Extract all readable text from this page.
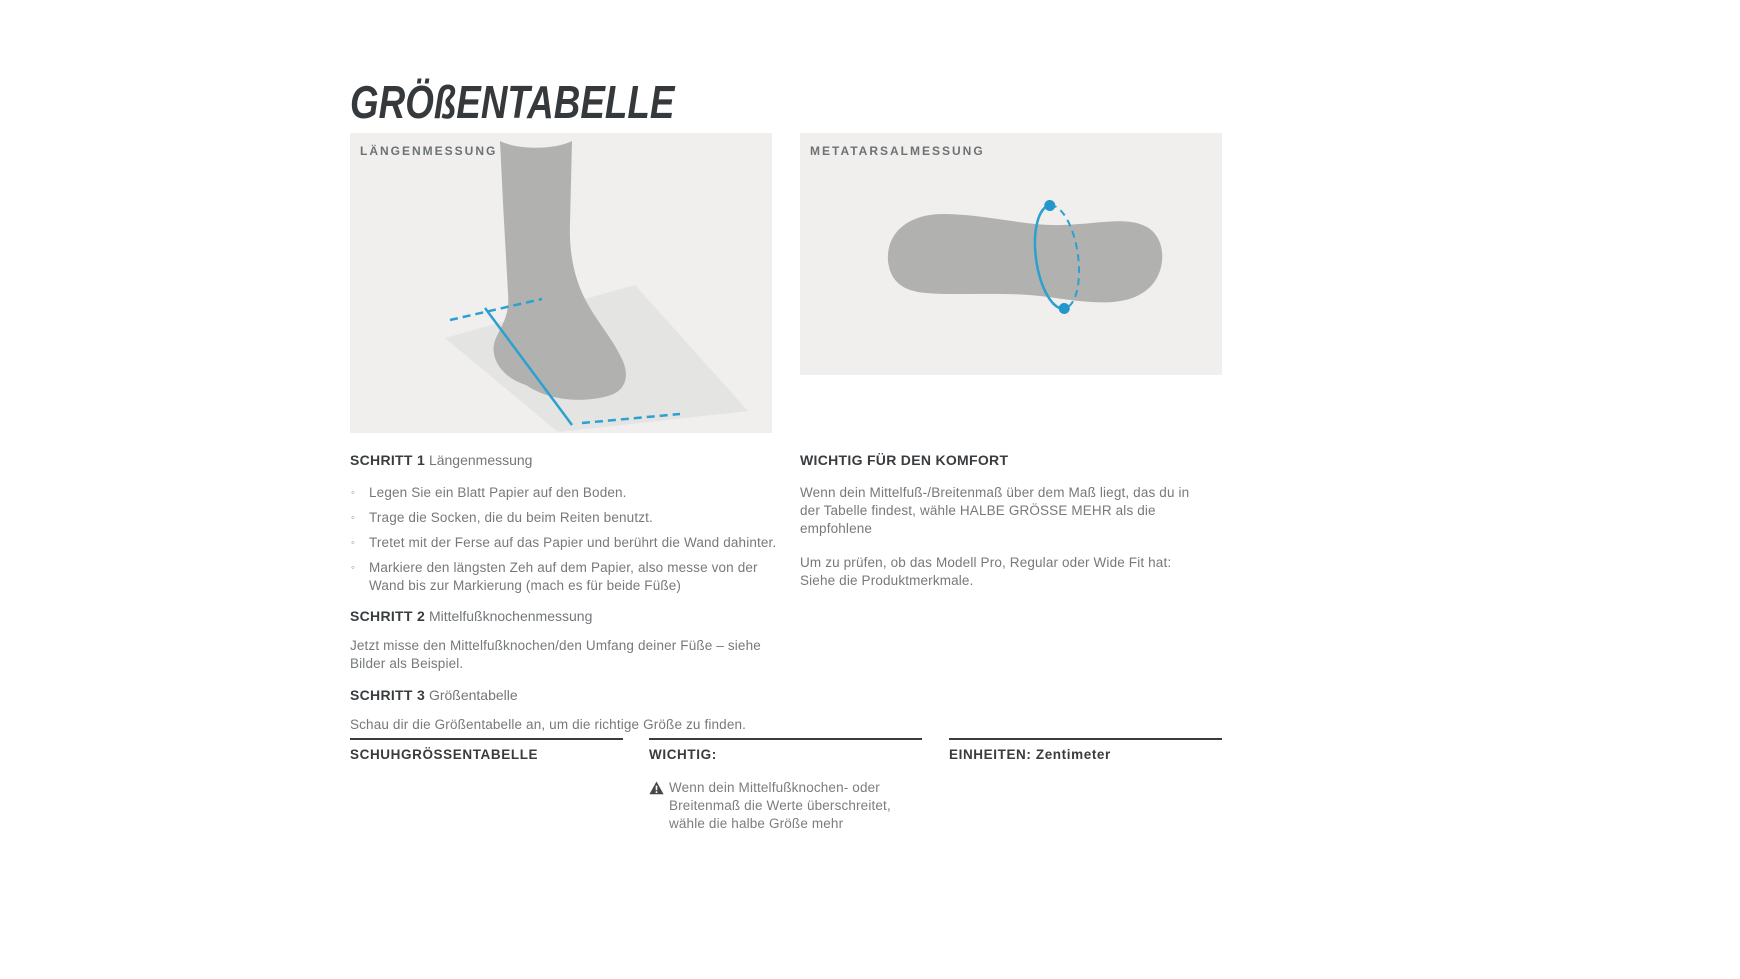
GRÖßENTABELLE
LÄNGENMESSUNG	METATARSALMESSUNG

SCHRITT 1 Längenmessung

◦	Legen Sie ein Blatt Papier auf den Boden.
◦	Trage die Socken, die du beim Reiten benutzt.
◦	Tretet mit der Ferse auf das Papier und berührt die Wand dahinter.
◦	Markiere den längsten Zeh auf dem Papier, also messe von der Wand bis zur Markierung (mach es für beide Füße)

SCHRITT 2 Mittelfußknochenmessung

Jetzt misse den Mittelfußknochen/den Umfang deiner Füße – siehe Bilder als Beispiel.

SCHRITT 3 Größentabelle

Schau dir die Größentabelle an, um die richtige Größe zu finden.

WICHTIG FÜR DEN KOMFORT

Wenn dein Mittelfuß-/Breitenmaß über dem Maß liegt, das du in der Tabelle findest, wähle HALBE GRÖSSE MEHR als die empfohlene

Um zu prüfen, ob das Modell Pro, Regular oder Wide Fit hat: Siehe die Produktmerkmale.

SCHUHGRÖSSENTABELLE	WICHTIG:
Wenn dein Mittelfußknochen- oder Breitenmaß die Werte überschreitet, wähle die halbe Größe mehr
EINHEITEN: Zentimeter
